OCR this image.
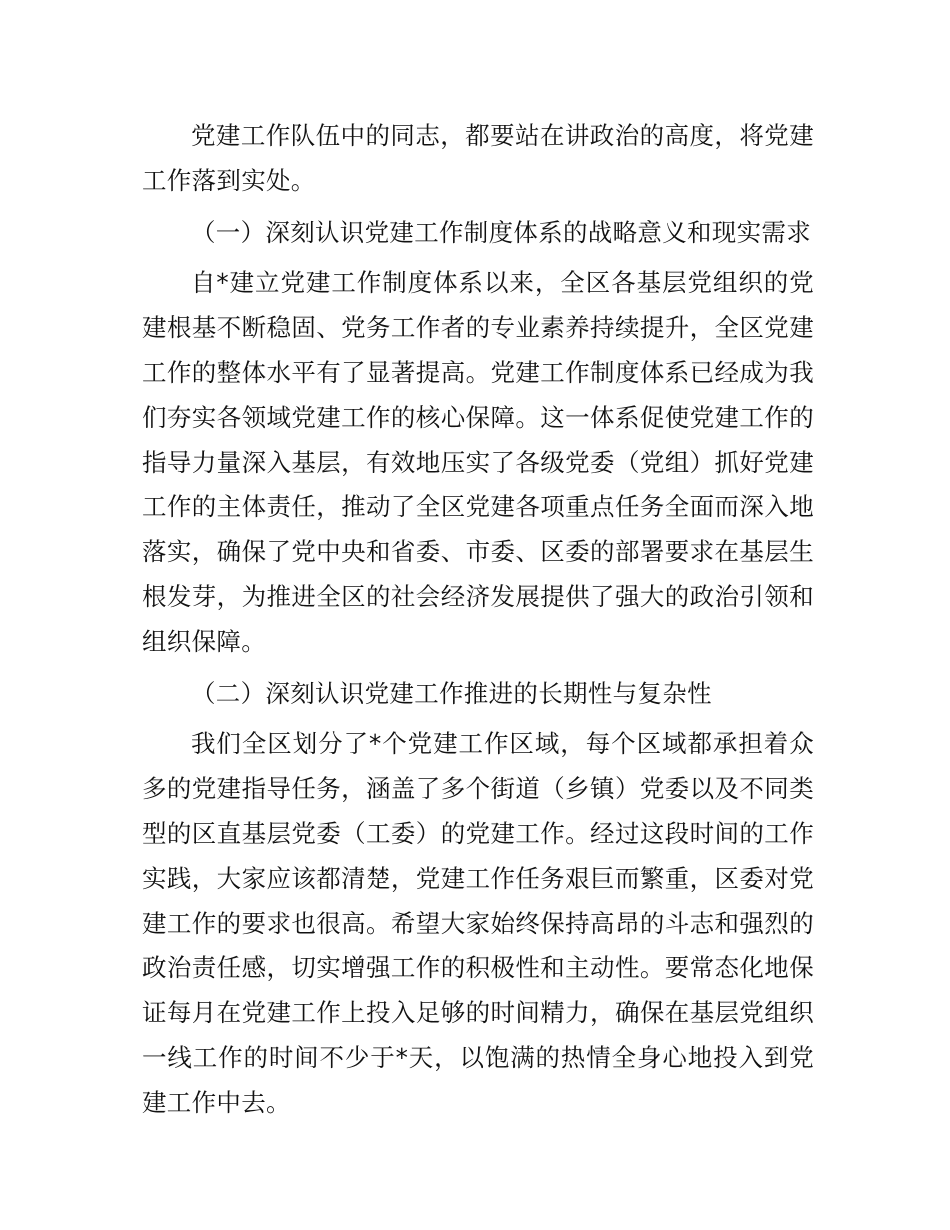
党建工作队伍中的同志，都要站在讲政治的高度，将党建工作落到实处。

（一）深刻认识党建工作制度体系的战略意义和现实需求

自*建立党建工作制度体系以来，全区各基层党组织的党建根基不断稳固、党务工作者的专业素养持续提升，全区党建工作的整体水平有了显著提高。党建工作制度体系已经成为我们夯实各领域党建工作的核心保障。这一体系促使党建工作的指导力量深入基层，有效地压实了各级党委（党组）抓好党建工作的主体责任，推动了全区党建各项重点任务全面而深入地落实，确保了党中央和省委、市委、区委的部署要求在基层生根发芽，为推进全区的社会经济发展提供了强大的政治引领和组织保障。

（二）深刻认识党建工作推进的长期性与复杂性

我们全区划分了*个党建工作区域，每个区域都承担着众多的党建指导任务，涵盖了多个街道（乡镇）党委以及不同类型的区直基层党委（工委）的党建工作。经过这段时间的工作实践，大家应该都清楚，党建工作任务艰巨而繁重，区委对党建工作的要求也很高。希望大家始终保持高昂的斗志和强烈的政治责任感，切实增强工作的积极性和主动性。要常态化地保证每月在党建工作上投入足够的时间精力，确保在基层党组织一线工作的时间不少于*天，以饱满的热情全身心地投入到党建工作中去。
